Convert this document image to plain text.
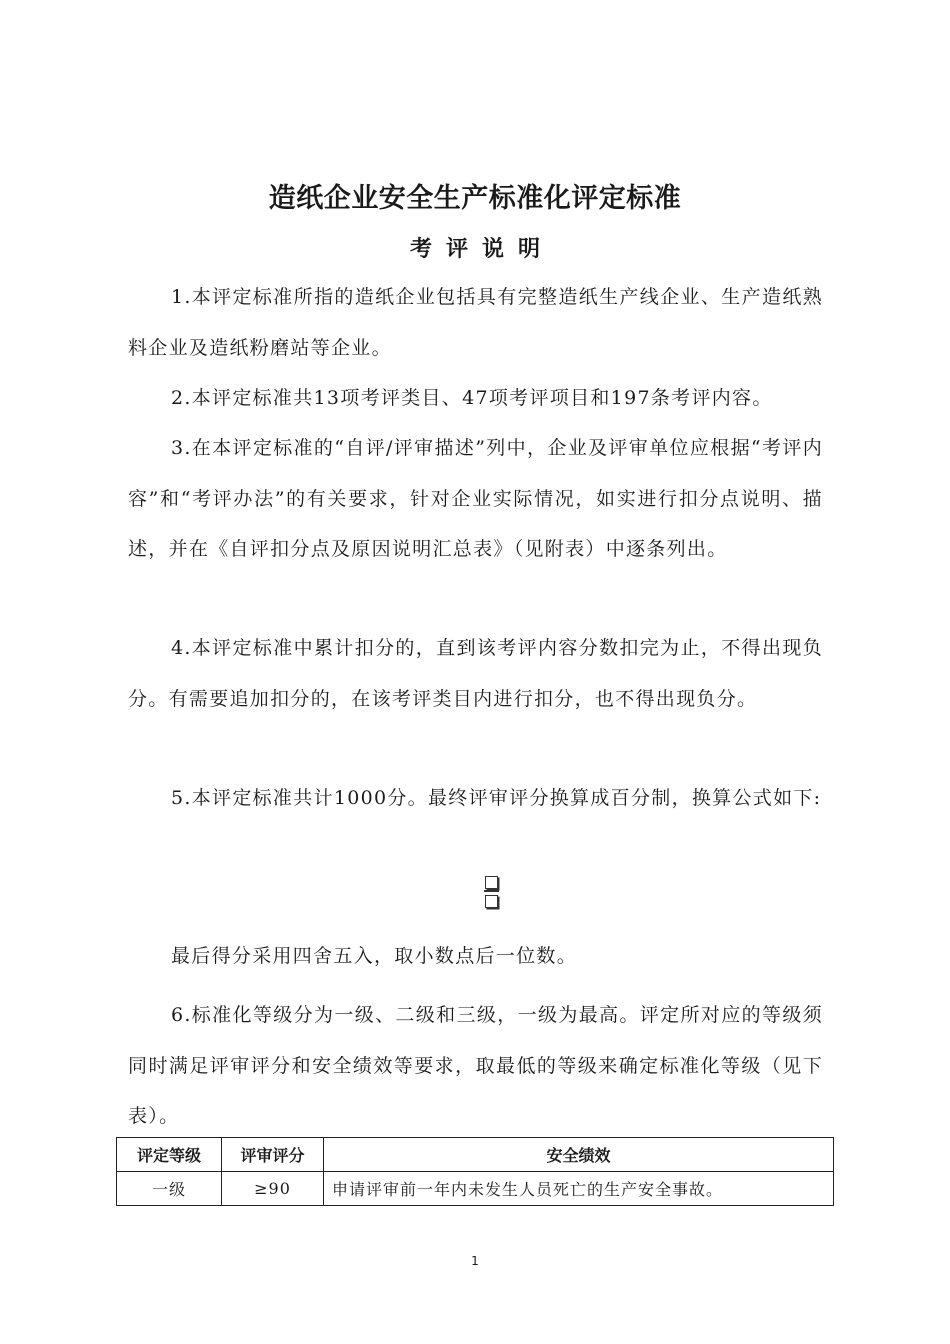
造纸企业安全生产标准化评定标准
考评说明
1.本评定标准所指的造纸企业包括具有完整造纸生产线企业、生产造纸熟料企业及造纸粉磨站等企业。
2.本评定标准共13项考评类目、47项考评项目和197条考评内容。
3.在本评定标准的“自评/评审描述”列中，企业及评审单位应根据“考评内容”和“考评办法”的有关要求，针对企业实际情况，如实进行扣分点说明、描述，并在《自评扣分点及原因说明汇总表》（见附表）中逐条列出。
4.本评定标准中累计扣分的，直到该考评内容分数扣完为止，不得出现负分。有需要追加扣分的，在该考评类目内进行扣分，也不得出现负分。
5.本评定标准共计1000分。最终评审评分换算成百分制，换算公式如下:
最后得分采用四舍五入，取小数点后一位数。
6.标准化等级分为一级、二级和三级，一级为最高。评定所对应的等级须同时满足评审评分和安全绩效等要求，取最低的等级来确定标准化等级（见下表）。
评定等级	评审评分	安全绩效
一级	≥90	申请评审前一年内未发生人员死亡的生产安全事故。
1
